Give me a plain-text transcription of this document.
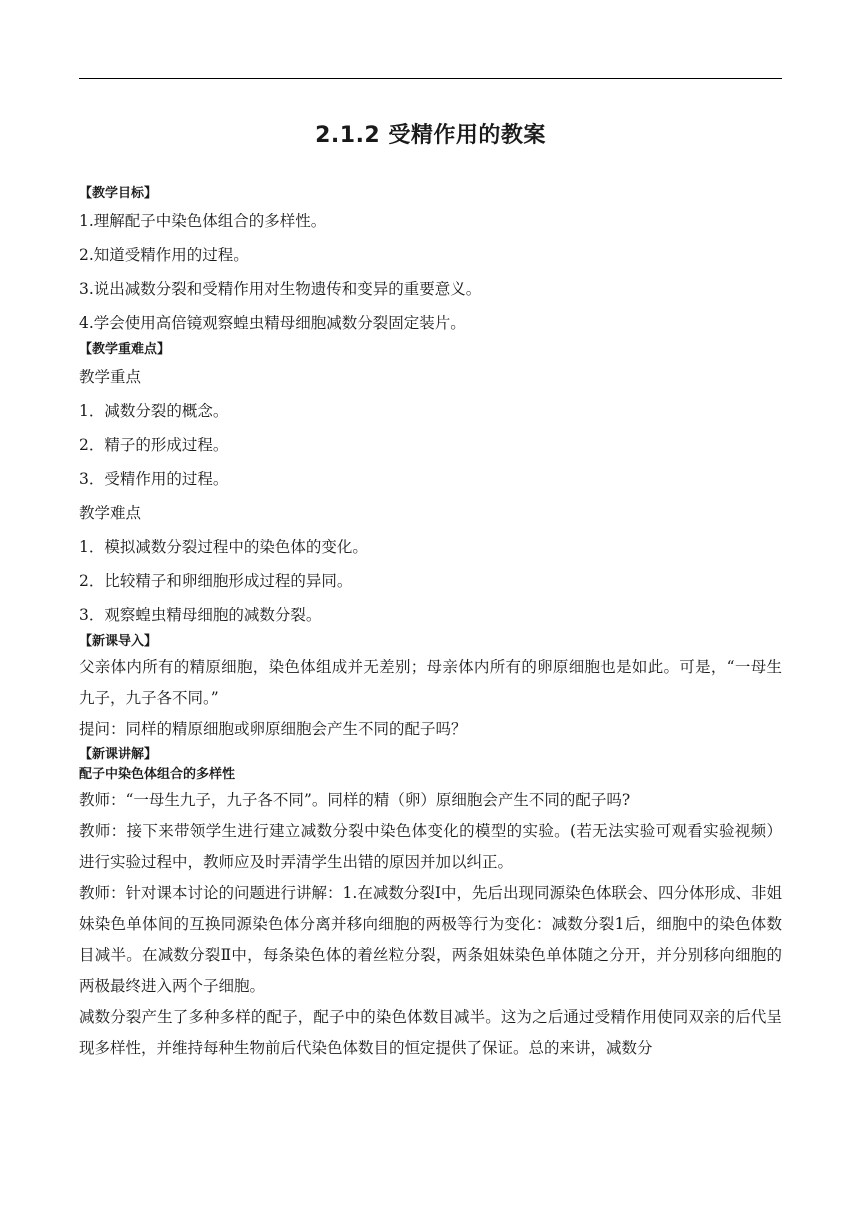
2.1.2 受精作用的教案
【教学目标】

1.理解配子中染色体组合的多样性。

2.知道受精作用的过程。

3.说出减数分裂和受精作用对生物遗传和变异的重要意义。

4.学会使用高倍镜观察蝗虫精母细胞减数分裂固定装片。

【教学重难点】

教学重点

1．减数分裂的概念。

2．精子的形成过程。

3．受精作用的过程。

教学难点

1．模拟减数分裂过程中的染色体的变化。

2．比较精子和卵细胞形成过程的异同。

3．观察蝗虫精母细胞的减数分裂。

【新课导入】

父亲体内所有的精原细胞，染色体组成并无差别；母亲体内所有的卵原细胞也是如此。可是，“一母生九子，九子各不同。”

提问：同样的精原细胞或卵原细胞会产生不同的配子吗？

【新课讲解】
配子中染色体组合的多样性

教师：“一母生九子，九子各不同”。同样的精（卵）原细胞会产生不同的配子吗?

教师：接下来带领学生进行建立减数分裂中染色体变化的模型的实验。(若无法实验可观看实验视频）进行实验过程中，教师应及时弄清学生出错的原因并加以纠正。

教师：针对课本讨论的问题进行讲解：1.在减数分裂Ⅰ中，先后出现同源染色体联会、四分体形成、非姐妹染色单体间的互换同源染色体分离并移向细胞的两极等行为变化：减数分裂1后，细胞中的染色体数目减半。在减数分裂Ⅱ中，每条染色体的着丝粒分裂，两条姐妹染色单体随之分开，并分别移向细胞的两极最终进入两个子细胞。

减数分裂产生了多种多样的配子，配子中的染色体数目减半。这为之后通过受精作用使同双亲的后代呈现多样性，并维持每种生物前后代染色体数目的恒定提供了保证。总的来讲，减数分
